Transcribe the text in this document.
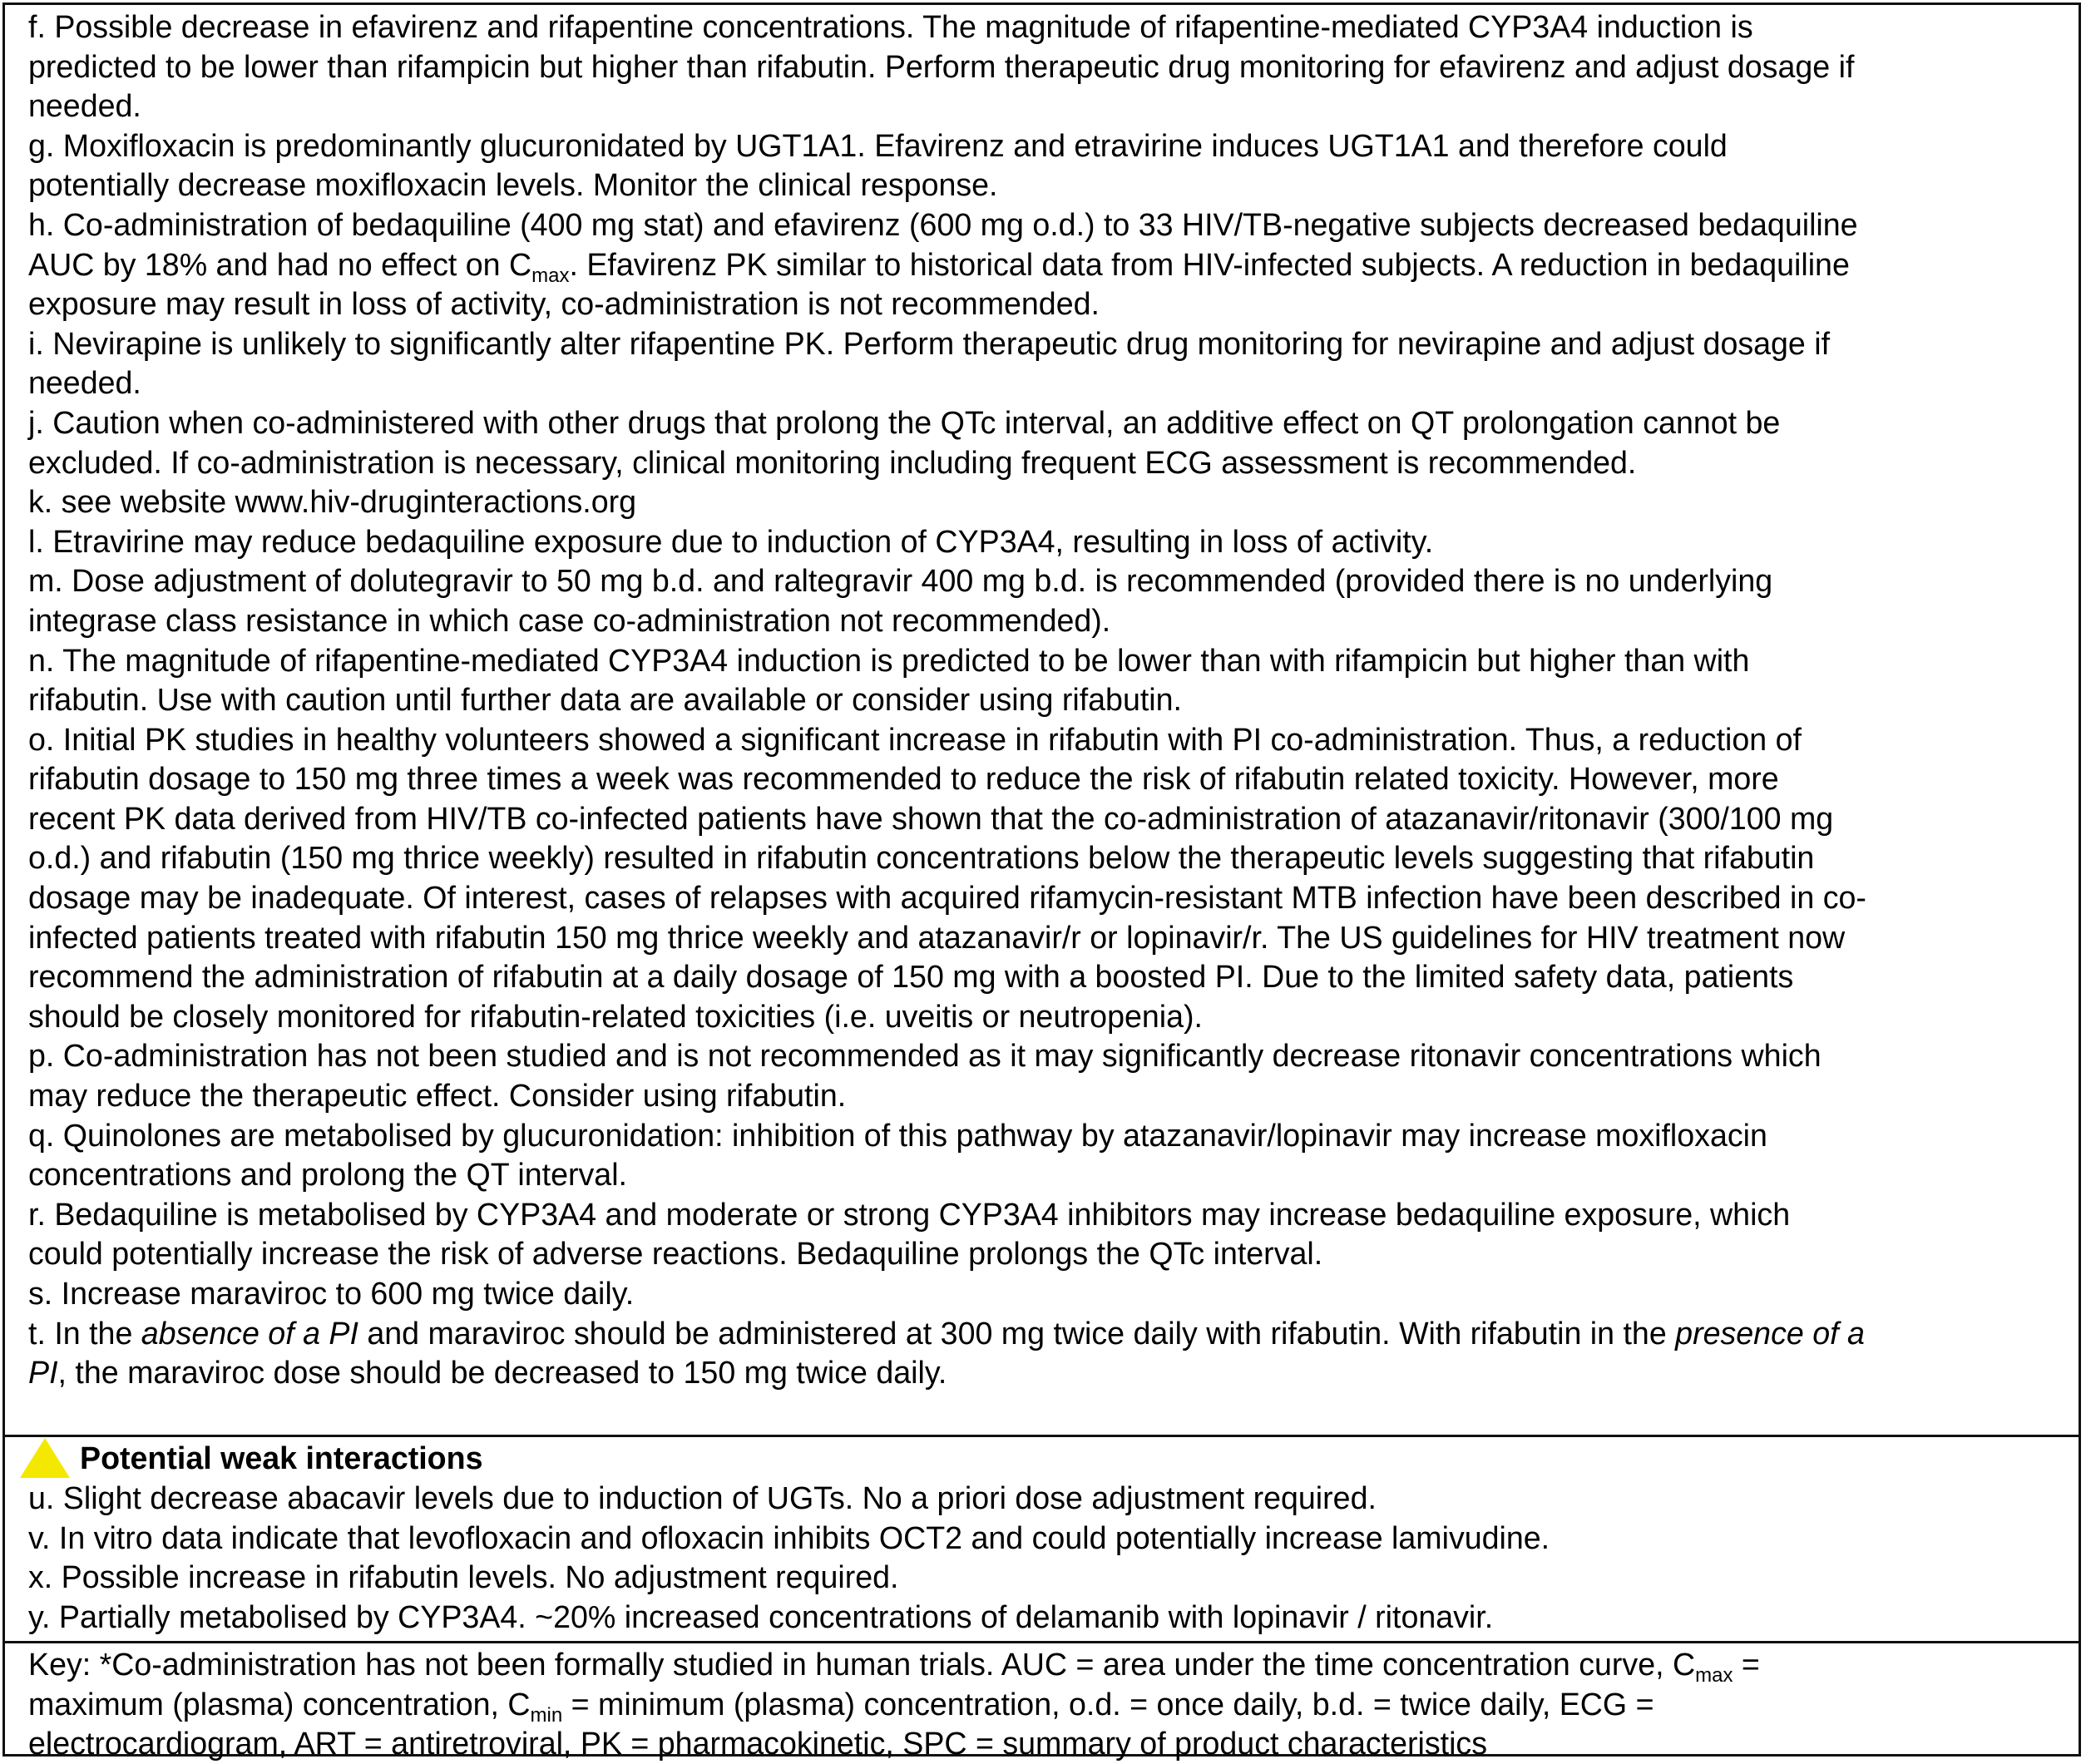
f. Possible decrease in efavirenz and rifapentine concentrations. The magnitude of rifapentine-mediated CYP3A4 induction is
predicted to be lower than rifampicin but higher than rifabutin. Perform therapeutic drug monitoring for efavirenz and adjust dosage if
needed.
g. Moxifloxacin is predominantly glucuronidated by UGT1A1. Efavirenz and etravirine induces UGT1A1 and therefore could
potentially decrease moxifloxacin levels. Monitor the clinical response.
h. Co-administration of bedaquiline (400 mg stat) and efavirenz (600 mg o.d.) to 33 HIV/TB-negative subjects decreased bedaquiline
AUC by 18% and had no effect on $C_{max}$. Efavirenz PK similar to historical data from HIV-infected subjects. A reduction in bedaquiline
exposure may result in loss of activity, co-administration is not recommended.
i. Nevirapine is unlikely to significantly alter rifapentine PK. Perform therapeutic drug monitoring for nevirapine and adjust dosage if
needed.
j. Caution when co-administered with other drugs that prolong the QTc interval, an additive effect on QT prolongation cannot be
excluded. If co-administration is necessary, clinical monitoring including frequent ECG assessment is recommended.
k. see website www.hiv-druginteractions.org
l. Etravirine may reduce bedaquiline exposure due to induction of CYP3A4, resulting in loss of activity.
m. Dose adjustment of dolutegravir to 50 mg b.d. and raltegravir 400 mg b.d. is recommended (provided there is no underlying
integrase class resistance in which case co-administration not recommended).
n. The magnitude of rifapentine-mediated CYP3A4 induction is predicted to be lower than with rifampicin but higher than with
rifabutin. Use with caution until further data are available or consider using rifabutin.
o. Initial PK studies in healthy volunteers showed a significant increase in rifabutin with PI co-administration. Thus, a reduction of
rifabutin dosage to 150 mg three times a week was recommended to reduce the risk of rifabutin related toxicity. However, more
recent PK data derived from HIV/TB co-infected patients have shown that the co-administration of atazanavir/ritonavir (300/100 mg
o.d.) and rifabutin (150 mg thrice weekly) resulted in rifabutin concentrations below the therapeutic levels suggesting that rifabutin
dosage may be inadequate. Of interest, cases of relapses with acquired rifamycin-resistant MTB infection have been described in co-
infected patients treated with rifabutin 150 mg thrice weekly and atazanavir/r or lopinavir/r. The US guidelines for HIV treatment now
recommend the administration of rifabutin at a daily dosage of 150 mg with a boosted PI. Due to the limited safety data, patients
should be closely monitored for rifabutin-related toxicities (i.e. uveitis or neutropenia).
p. Co-administration has not been studied and is not recommended as it may significantly decrease ritonavir concentrations which
may reduce the therapeutic effect. Consider using rifabutin.
q. Quinolones are metabolised by glucuronidation: inhibition of this pathway by atazanavir/lopinavir may increase moxifloxacin
concentrations and prolong the QT interval.
r. Bedaquiline is metabolised by CYP3A4 and moderate or strong CYP3A4 inhibitors may increase bedaquiline exposure, which
could potentially increase the risk of adverse reactions. Bedaquiline prolongs the QTc interval.
s. Increase maraviroc to 600 mg twice daily.
t. In the absence of a PI and maraviroc should be administered at 300 mg twice daily with rifabutin. With rifabutin in the presence of a
PI, the maraviroc dose should be decreased to 150 mg twice daily.
Potential weak interactions
u. Slight decrease abacavir levels due to induction of UGTs. No a priori dose adjustment required.
v. In vitro data indicate that levofloxacin and ofloxacin inhibits OCT2 and could potentially increase lamivudine.
x. Possible increase in rifabutin levels. No adjustment required.
y. Partially metabolised by CYP3A4. ~20% increased concentrations of delamanib with lopinavir / ritonavir.
Key: *Co-administration has not been formally studied in human trials. AUC = area under the time concentration curve, $C_{max}$ =
maximum (plasma) concentration, $C_{min}$ = minimum (plasma) concentration, o.d. = once daily, b.d. = twice daily, ECG =
electrocardiogram, ART = antiretroviral, PK = pharmacokinetic, SPC = summary of product characteristics
